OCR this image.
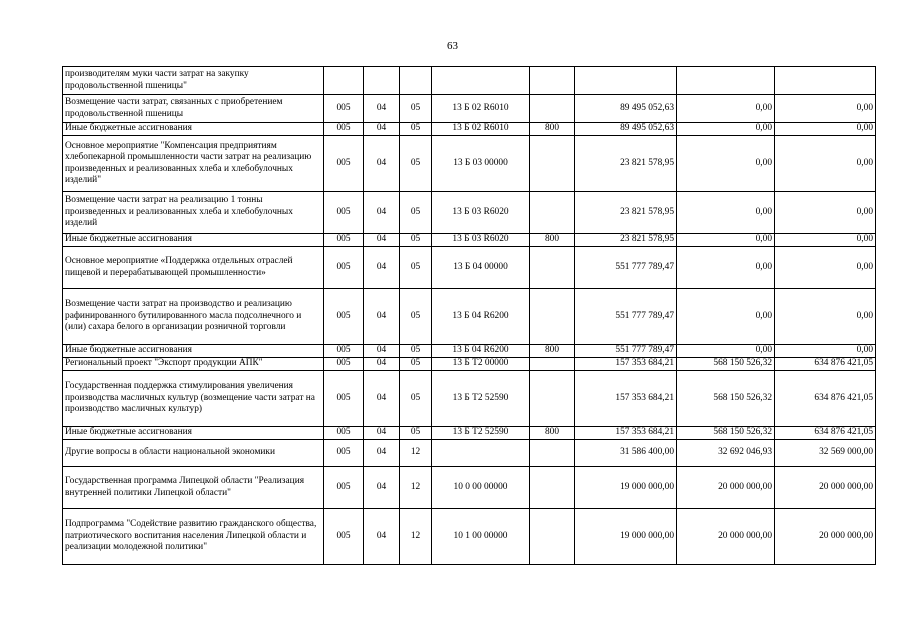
63
производителям муки части затрат на закупку продовольственной пшеницы"								
Возмещение части затрат, связанных с приобретением продовольственной пшеницы	005	04	05	13 Б 02 R6010		89 495 052,63	0,00	0,00
Иные бюджетные ассигнования	005	04	05	13 Б 02 R6010	800	89 495 052,63	0,00	0,00
Основное мероприятие "Компенсация предприятиям хлебопекарной промышленности части затрат на реализацию произведенных и реализованных хлеба и хлебобулочных изделий"	005	04	05	13 Б 03 00000		23 821 578,95	0,00	0,00
Возмещение части затрат на реализацию 1 тонны произведенных и реализованных хлеба и хлебобулочных изделий	005	04	05	13 Б 03 R6020		23 821 578,95	0,00	0,00
Иные бюджетные ассигнования	005	04	05	13 Б 03 R6020	800	23 821 578,95	0,00	0,00
Основное мероприятие «Поддержка отдельных отраслей пищевой и перерабатывающей промышленности»	005	04	05	13 Б 04 00000		551 777 789,47	0,00	0,00
Возмещение части затрат на производство и реализацию рафинированного бутилированного масла подсолнечного и (или) сахара белого в организации розничной торговли	005	04	05	13 Б 04 R6200		551 777 789,47	0,00	0,00
Иные бюджетные ассигнования	005	04	05	13 Б 04 R6200	800	551 777 789,47	0,00	0,00
Региональный проект "Экспорт продукции АПК"	005	04	05	13 Б T2 00000		157 353 684,21	568 150 526,32	634 876 421,05
Государственная поддержка стимулирования увеличения производства масличных культур (возмещение части затрат на производство масличных культур)	005	04	05	13 Б T2 52590		157 353 684,21	568 150 526,32	634 876 421,05
Иные бюджетные ассигнования	005	04	05	13 Б T2 52590	800	157 353 684,21	568 150 526,32	634 876 421,05
Другие вопросы в области национальной экономики	005	04	12			31 586 400,00	32 692 046,93	32 569 000,00
Государственная программа Липецкой области "Реализация внутренней политики Липецкой области"	005	04	12	10 0 00 00000		19 000 000,00	20 000 000,00	20 000 000,00
Подпрограмма "Содействие развитию гражданского общества, патриотического воспитания населения Липецкой области и реализации молодежной политики"	005	04	12	10 1 00 00000		19 000 000,00	20 000 000,00	20 000 000,00
